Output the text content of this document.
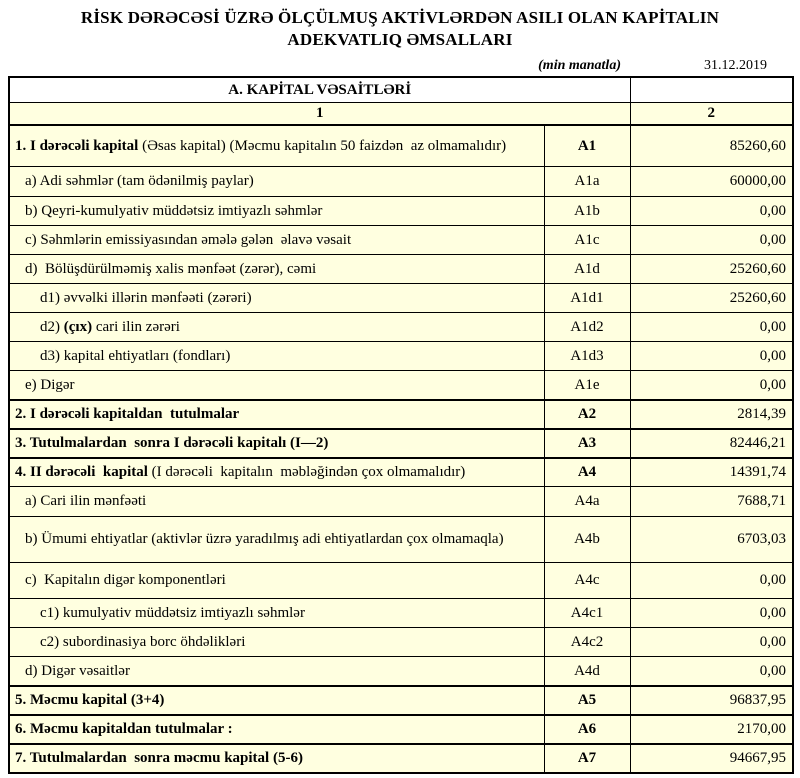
RİSK DƏRƏCƏSİ ÜZRƏ ÖLÇÜLMUŞ AKTİVLƏRDƏN ASILI OLAN KAPİTALIN
ADEKVATLIQ ƏMSALLARI
(min manatla)	31.12.2019
A. KAPİTAL VƏSAİTLƏRİ		
1		2
1. I dərəcəli kapital (Əsas kapital) (Məcmu kapitalın 50 faizdən  az olmamalıdır)	A1	85260,60
a) Adi səhmlər (tam ödənilmiş paylar)	A1a	60000,00
b) Qeyri-kumulyativ müddətsiz imtiyazlı səhmlər	A1b	0,00
c) Səhmlərin emissiyasından əmələ gələn  əlavə vəsait	A1c	0,00
d)  Bölüşdürülməmiş xalis mənfəət (zərər), cəmi	A1d	25260,60
d1) əvvəlki illərin mənfəəti (zərəri)	A1d1	25260,60
d2) (çıx) cari ilin zərəri	A1d2	0,00
d3) kapital ehtiyatları (fondları)	A1d3	0,00
e) Digər	A1e	0,00
2. I dərəcəli kapitaldan  tutulmalar	A2	2814,39
3. Tutulmalardan  sonra I dərəcəli kapitalı (I—2)	A3	82446,21
4. II dərəcəli  kapital (I dərəcəli  kapitalın  məbləğindən çox olmamalıdır)	A4	14391,74
a) Cari ilin mənfəəti	A4a	7688,71
b) Ümumi ehtiyatlar (aktivlər üzrə yaradılmış adi ehtiyatlardan çox olmamaqla)	A4b	6703,03
c)  Kapitalın digər komponentləri	A4c	0,00
c1) kumulyativ müddətsiz imtiyazlı səhmlər	A4c1	0,00
c2) subordinasiya borc öhdəlikləri	A4c2	0,00
d) Digər vəsaitlər	A4d	0,00
5. Məcmu kapital (3+4)	A5	96837,95
6. Məcmu kapitaldan tutulmalar :	A6	2170,00
7. Tutulmalardan  sonra məcmu kapital (5-6)	A7	94667,95
